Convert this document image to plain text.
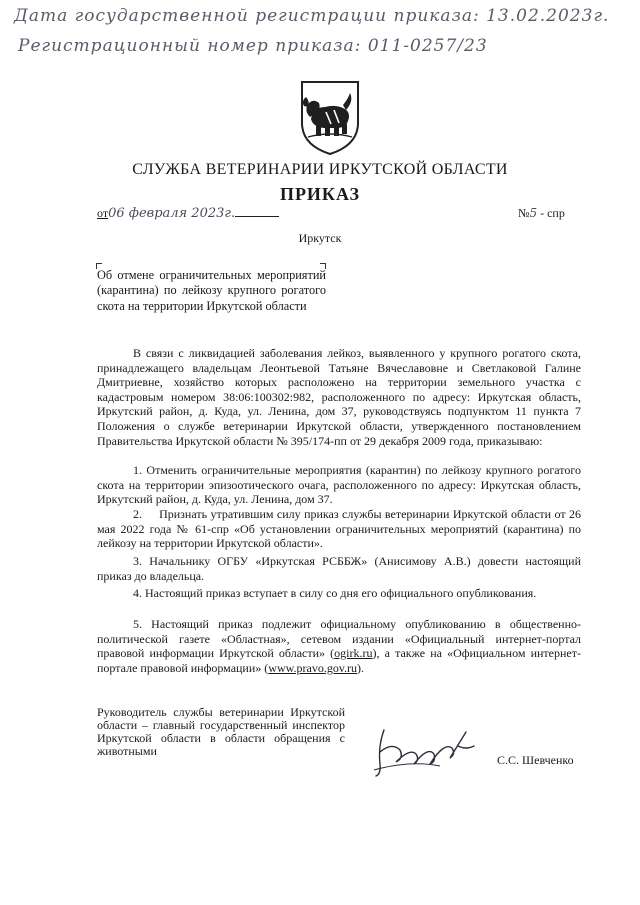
Дата государственной регистрации приказа: 13.02.2023г.
Регистрационный номер приказа: 011-0257/23
СЛУЖБА ВЕТЕРИНАРИИ ИРКУТСКОЙ ОБЛАСТИ
ПРИКАЗ
от06 февраля 2023г.	№5 - спр
Иркутск
Об отмене ограничительных мероприятий (карантина) по лейкозу крупного рогатого скота на территории Иркутской области

В связи с ликвидацией заболевания лейкоз, выявленного у крупного рогатого скота, принадлежащего владельцам Леонтьевой Татьяне Вячеславовне и Светлаковой Галине Дмитриевне, хозяйство которых расположено на территории земельного участка с кадастровым номером 38:06:100302:982, расположенного по адресу: Иркутская область, Иркутский район, д. Куда, ул. Ленина, дом 37, руководствуясь подпунктом 11 пункта 7 Положения о службе ветеринарии Иркутской области, утвержденного постановлением Правительства Иркутской области № 395/174-пп от 29 декабря 2009 года, приказываю:

1. Отменить ограничительные мероприятия (карантин) по лейкозу крупного рогатого скота на территории эпизоотического очага, расположенного по адресу: Иркутская область, Иркутский район, д. Куда, ул. Ленина, дом 37.

2.     Признать утратившим силу приказ службы ветеринарии Иркутской области от 26 мая 2022 года № 61-спр «Об установлении ограничительных мероприятий (карантина) по лейкозу на территории Иркутской области».

3. Начальнику ОГБУ «Иркутская РСББЖ» (Анисимову А.В.) довести настоящий приказ до владельца.

4. Настоящий приказ вступает в силу со дня его официального опубликования.

5. Настоящий приказ подлежит официальному опубликованию в общественно-политической газете «Областная», сетевом издании «Официальный интернет-портал правовой информации Иркутской области» (ogirk.ru), а также на «Официальном интернет-портале правовой информации» (www.pravo.gov.ru).

Руководитель службы ветеринарии Иркутской области – главный государственный инспектор Иркутской области в области обращения с животными
С.С. Шевченко
